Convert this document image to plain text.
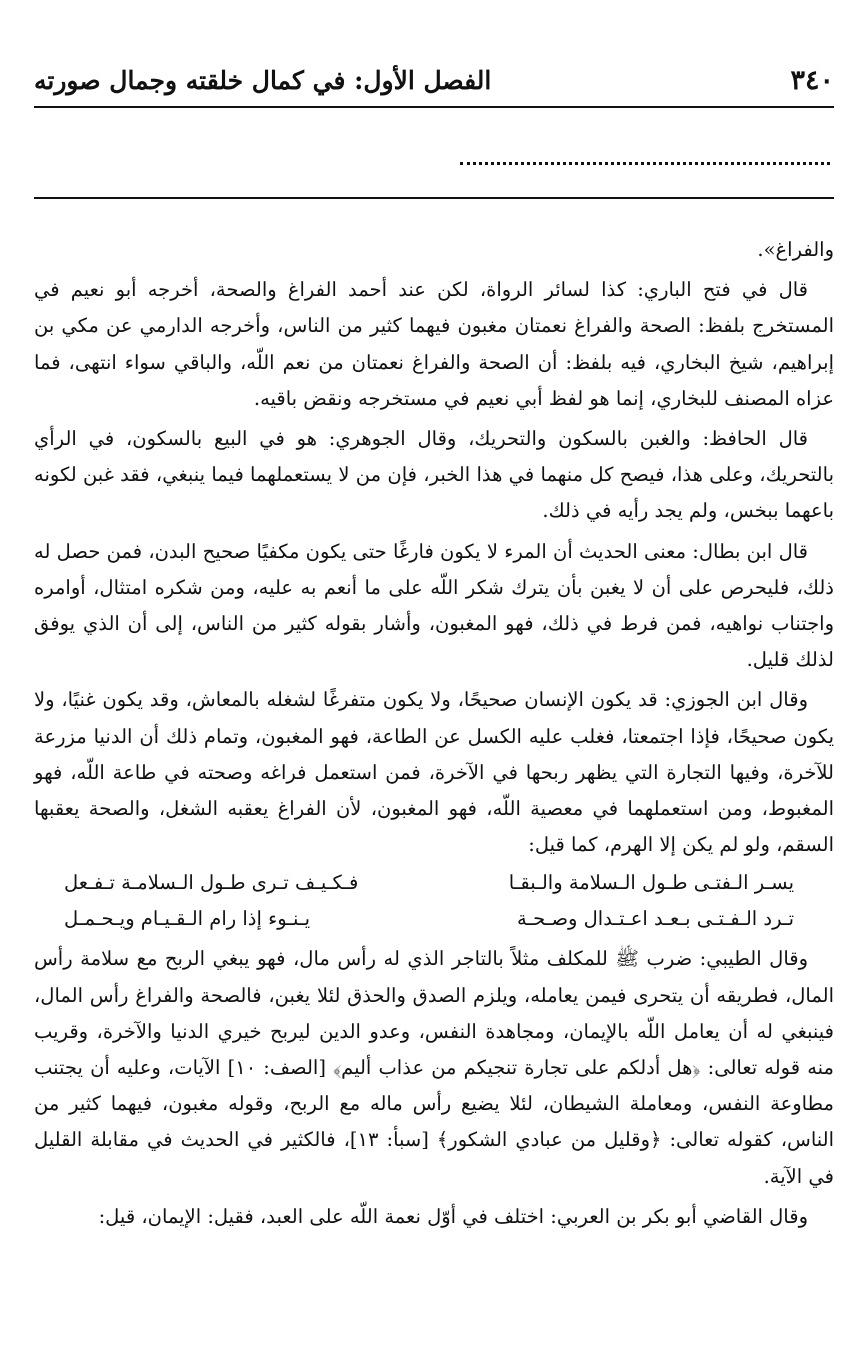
٣٤٠
الفصل الأول: في كمال خلقته وجمال صورته

والفراغ».

قال في فتح الباري: كذا لسائر الرواة، لكن عند أحمد الفراغ والصحة، أخرجه أبو نعيم في المستخرج بلفظ: الصحة والفراغ نعمتان مغبون فيهما كثير من الناس، وأخرجه الدارمي عن مكي بن إبراهيم، شيخ البخاري، فيه بلفظ: أن الصحة والفراغ نعمتان من نعم اللّه، والباقي سواء انتهى، فما عزاه المصنف للبخاري، إنما هو لفظ أبي نعيم في مستخرجه ونقض باقيه.

قال الحافظ: والغبن بالسكون والتحريك، وقال الجوهري: هو في البيع بالسكون، في الرأي بالتحريك، وعلى هذا، فيصح كل منهما في هذا الخبر، فإن من لا يستعملهما فيما ينبغي، فقد غبن لكونه باعهما ببخس، ولم يجد رأيه في ذلك.

قال ابن بطال: معنى الحديث أن المرء لا يكون فارغًا حتى يكون مكفيًا صحيح البدن، فمن حصل له ذلك، فليحرص على أن لا يغبن بأن يترك شكر اللّه على ما أنعم به عليه، ومن شكره امتثال، أوامره واجتناب نواهيه، فمن فرط في ذلك، فهو المغبون، وأشار بقوله كثير من الناس، إلى أن الذي يوفق لذلك قليل.

وقال ابن الجوزي: قد يكون الإنسان صحيحًا، ولا يكون متفرغًا لشغله بالمعاش، وقد يكون غنيًا، ولا يكون صحيحًا، فإذا اجتمعتا، فغلب عليه الكسل عن الطاعة، فهو المغبون، وتمام ذلك أن الدنيا مزرعة للآخرة، وفيها التجارة التي يظهر ربحها في الآخرة، فمن استعمل فراغه وصحته في طاعة اللّه، فهو المغبوط، ومن استعملهما في معصية اللّه، فهو المغبون، لأن الفراغ يعقبه الشغل، والصحة يعقبها السقم، ولو لم يكن إلا الهرم، كما قيل:

يسـر الـفتـى طـول الـسلامة والـبقـا
فـكـيـف تـرى طـول الـسلامـة تـفـعل
تـرد الـفـتـى بـعـد اعـتـدال وصـحـة
يـنـوء إذا رام الـقـيـام ويـحـمـل

وقال الطيبي: ضرب ﷺ للمكلف مثلاً بالتاجر الذي له رأس مال، فهو يبغي الربح مع سلامة رأس المال، فطريقه أن يتحرى فيمن يعامله، ويلزم الصدق والحذق لئلا يغبن، فالصحة والفراغ رأس المال، فينبغي له أن يعامل اللّه بالإيمان، ومجاهدة النفس، وعدو الدين ليربح خيري الدنيا والآخرة، وقريب منه قوله تعالى: ﴿هل أدلكم على تجارة تنجيكم من عذاب أليم﴾ [الصف: ١٠] الآيات، وعليه أن يجتنب مطاوعة النفس، ومعاملة الشيطان، لئلا يضيع رأس ماله مع الربح، وقوله مغبون، فيهما كثير من الناس، كقوله تعالى: ﴿وقليل من عبادي الشكور﴾ [سبأ: ١٣]، فالكثير في الحديث في مقابلة القليل في الآية.

وقال القاضي أبو بكر بن العربي: اختلف في أوّل نعمة اللّه على العبد، فقيل: الإيمان، قيل:
